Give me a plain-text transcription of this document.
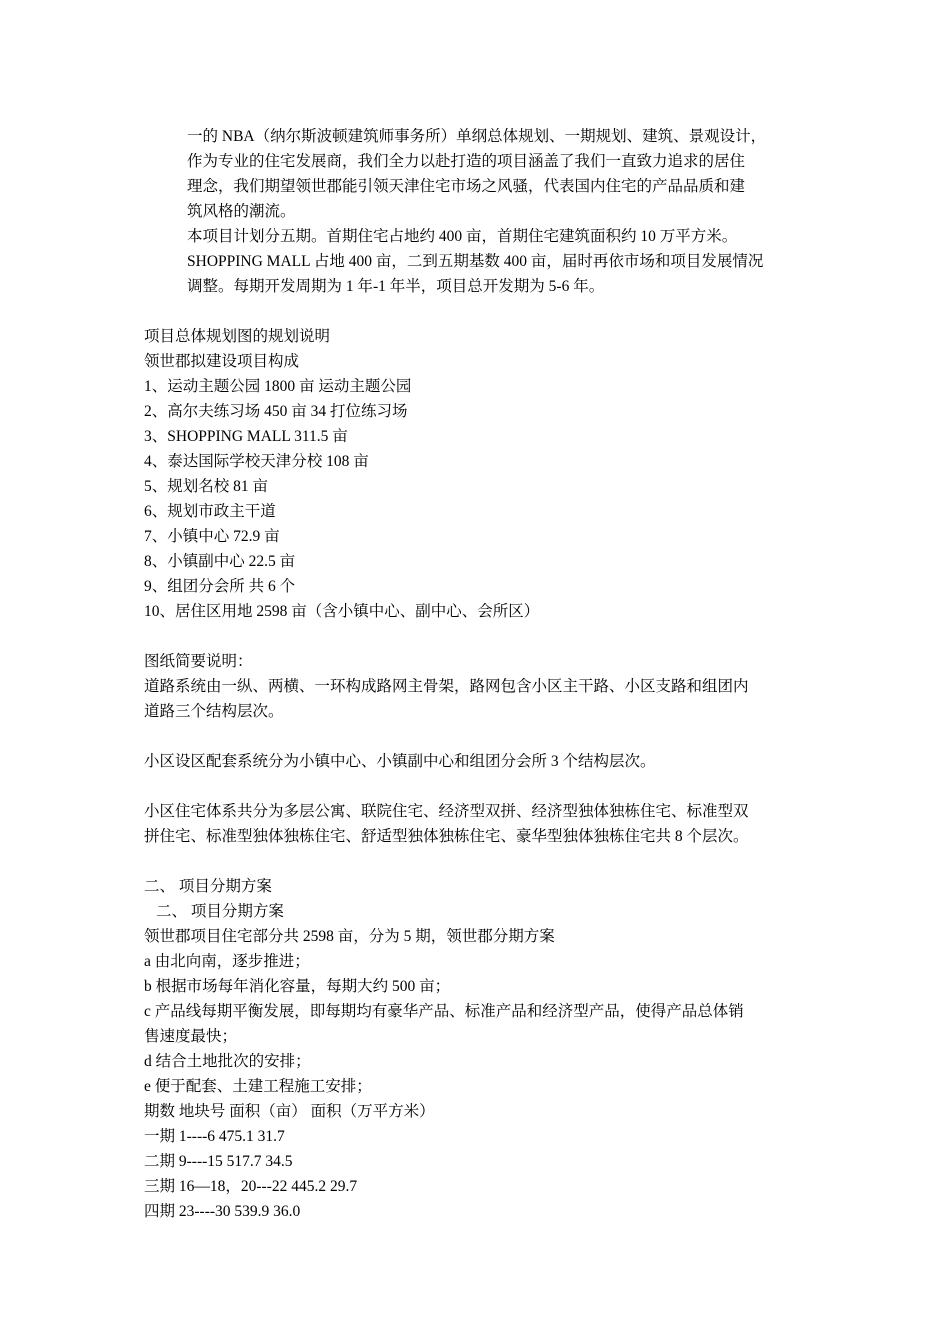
一的 NBA（纳尔斯波顿建筑师事务所）单纲总体规划、一期规划、建筑、景观设计，
作为专业的住宅发展商，我们全力以赴打造的项目涵盖了我们一直致力追求的居住
理念，我们期望领世郡能引领天津住宅市场之风骚，代表国内住宅的产品品质和建
筑风格的潮流。
本项目计划分五期。首期住宅占地约 400 亩，首期住宅建筑面积约 10 万平方米。
SHOPPING MALL 占地 400 亩，二到五期基数 400 亩，届时再依市场和项目发展情况
调整。每期开发周期为 1 年-1 年半，项目总开发期为 5-6 年。
项目总体规划图的规划说明
领世郡拟建设项目构成
1、运动主题公园 1800 亩 运动主题公园
2、高尔夫练习场 450 亩 34 打位练习场
3、SHOPPING MALL 311.5 亩
4、泰达国际学校天津分校 108 亩
5、规划名校 81 亩
6、规划市政主干道
7、小镇中心 72.9 亩
8、小镇副中心 22.5 亩
9、组团分会所 共 6 个
10、居住区用地 2598 亩（含小镇中心、副中心、会所区）
图纸简要说明：
道路系统由一纵、两横、一环构成路网主骨架，路网包含小区主干路、小区支路和组团内
道路三个结构层次。
小区设区配套系统分为小镇中心、小镇副中心和组团分会所 3 个结构层次。
小区住宅体系共分为多层公寓、联院住宅、经济型双拼、经济型独体独栋住宅、标准型双
拼住宅、标准型独体独栋住宅、舒适型独体独栋住宅、豪华型独体独栋住宅共 8 个层次。
二、 项目分期方案
二、 项目分期方案
领世郡项目住宅部分共 2598 亩，分为 5 期，领世郡分期方案
a 由北向南，逐步推进；
b 根据市场每年消化容量，每期大约 500 亩；
c 产品线每期平衡发展，即每期均有豪华产品、标准产品和经济型产品，使得产品总体销
售速度最快；
d 结合土地批次的安排；
e 便于配套、土建工程施工安排；
期数 地块号 面积（亩） 面积（万平方米）
一期 1----6 475.1 31.7
二期 9----15 517.7 34.5
三期 16—18，20---22 445.2 29.7
四期 23----30 539.9 36.0
